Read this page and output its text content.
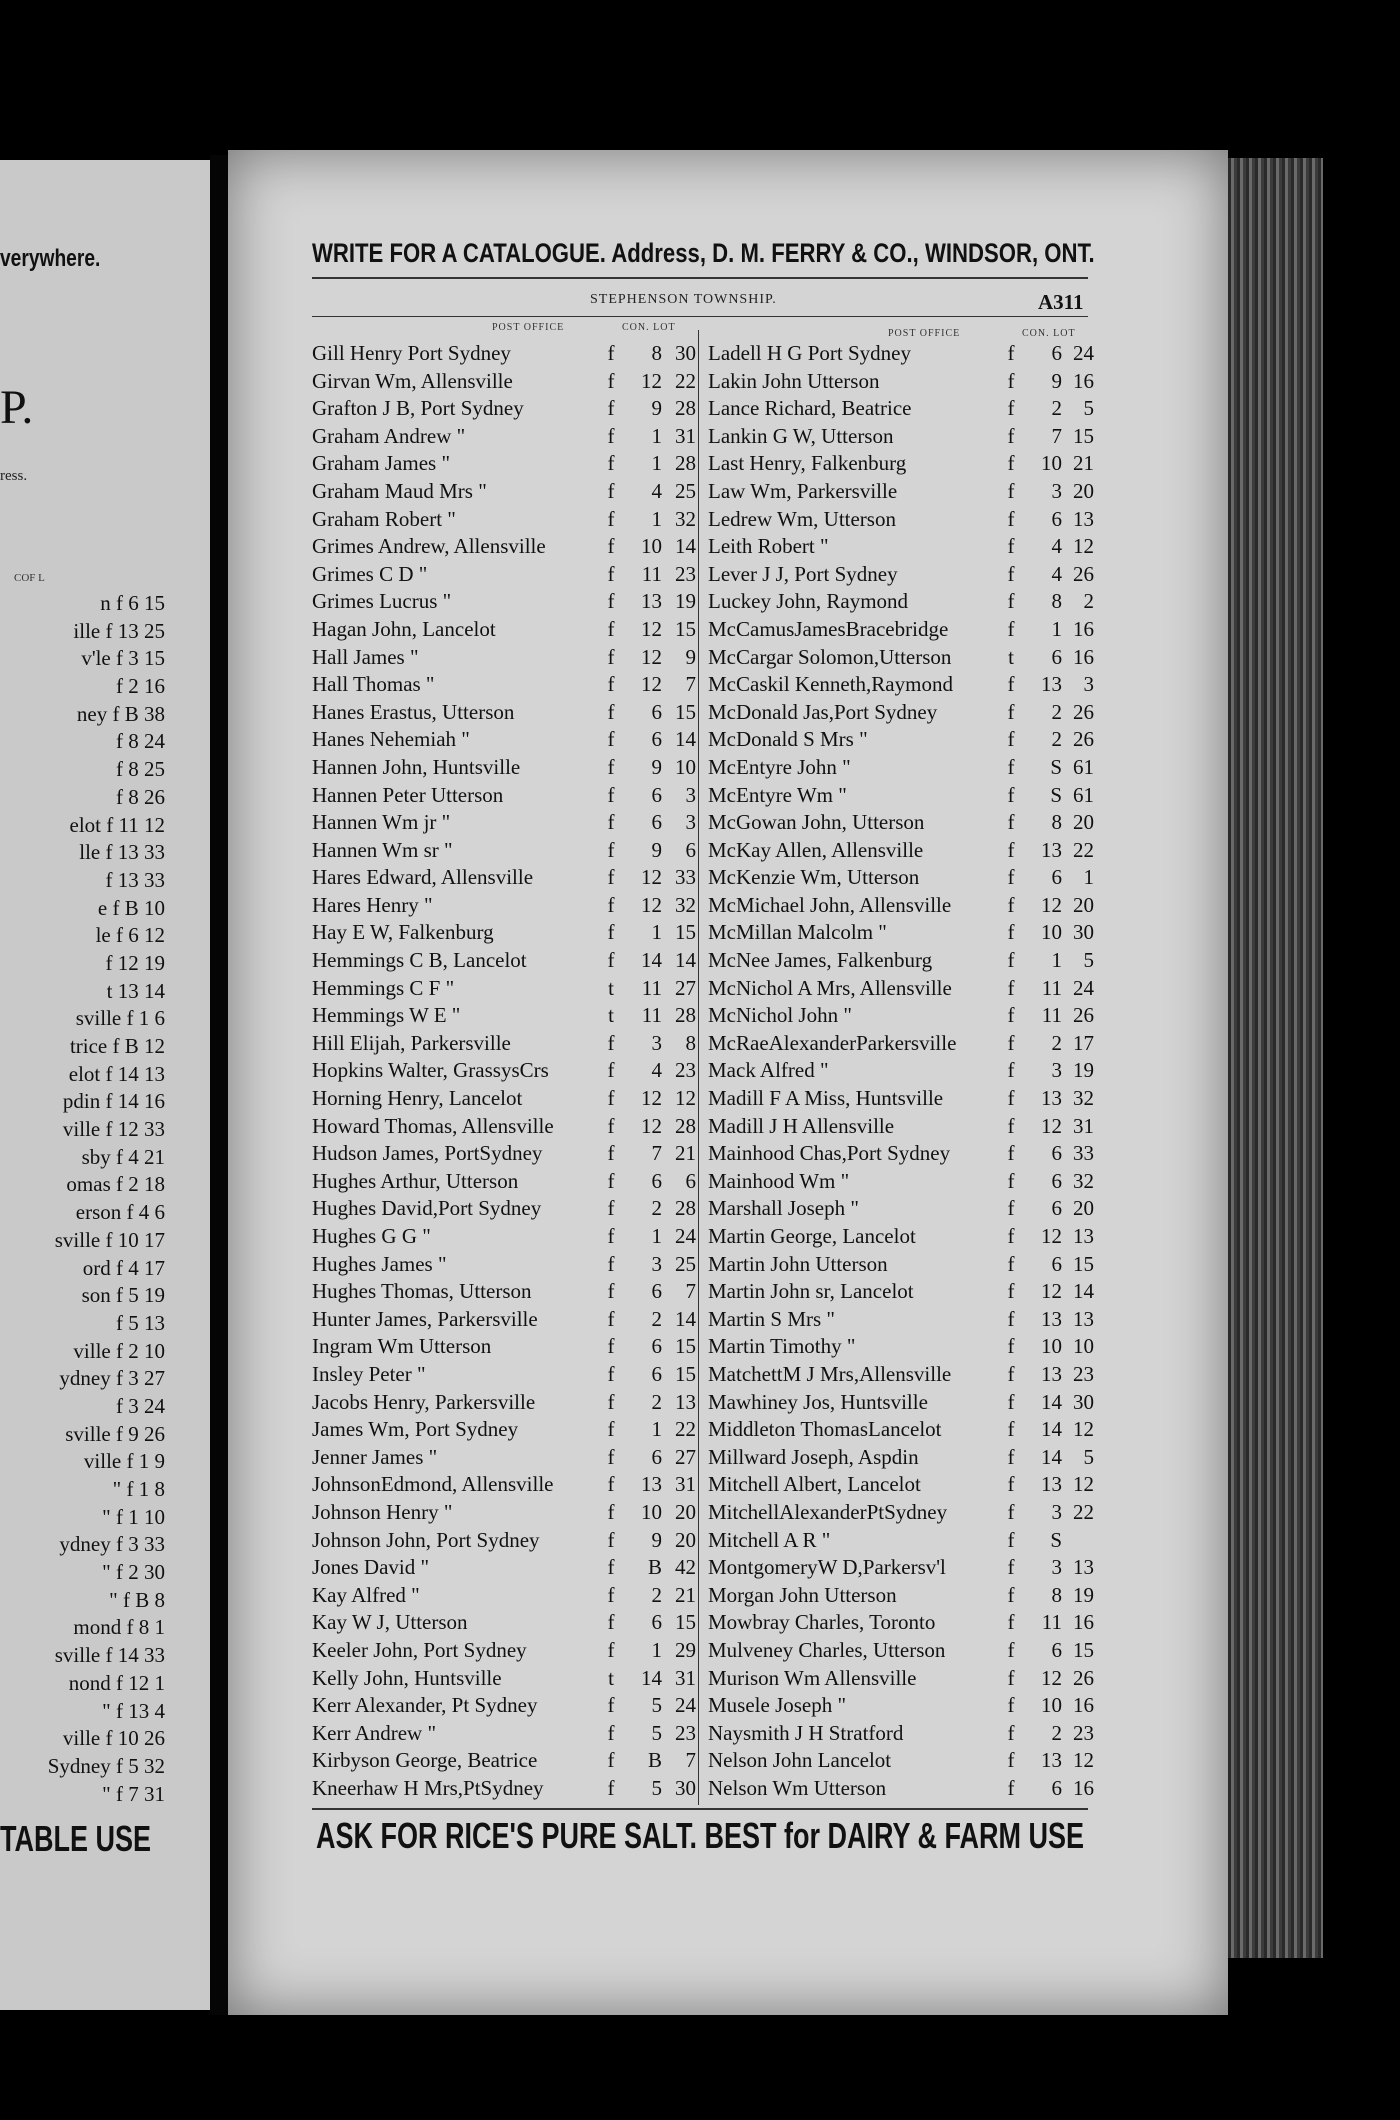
verywhere.
P.
ress.
COF L
n f 6 15
ille f 13 25
v'le f 3 15
f 2 16
ney f B 38
f 8 24
f 8 25
f 8 26
elot f 11 12
lle f 13 33
f 13 33
e f B 10
le f 6 12
f 12 19
t 13 14
sville f 1 6
trice f B 12
elot f 14 13
pdin f 14 16
ville f 12 33
sby f 4 21
omas f 2 18
erson f 4 6
sville f 10 17
ord f 4 17
son f 5 19
f 5 13
ville f 2 10
ydney f 3 27
f 3 24
sville f 9 26
ville f 1 9
" f 1 8
" f 1 10
ydney f 3 33
" f 2 30
" f B 8
mond f 8 1
sville f 14 33
nond f 12 1
" f 13 4
ville f 10 26
Sydney f 5 32
" f 7 31
TABLE USE
WRITE FOR A CATALOGUE. Address, D. M. FERRY & CO., WINDSOR, ONT.
STEPHENSON TOWNSHIP.	A311
POST OFFICE	CON. LOT
POST OFFICE	CON. LOT
Gill Henry Port Sydney	f	8 30
Girvan Wm, Allensville	f	12 22
Grafton J B, Port Sydney	f	9 28
Graham Andrew "	f	1 31
Graham James "	f	1 28
Graham Maud Mrs "	f	4 25
Graham Robert "	f	1 32
Grimes Andrew, Allensville	f	10 14
Grimes C D "	f	11 23
Grimes Lucrus "	f	13 19
Hagan John, Lancelot	f	12 15
Hall James "	f	12	9
Hall Thomas "	f	12	7
Hanes Erastus, Utterson	f	6 15
Hanes Nehemiah "	f	6 14
Hannen John, Huntsville	f	9 10
Hannen Peter Utterson	f	6	3
Hannen Wm jr "	f	6	3
Hannen Wm sr "	f	9	6
Hares Edward, Allensville	f	12 33
Hares Henry "	f	12 32
Hay E W, Falkenburg	f	1 15
Hemmings C B, Lancelot	f	14 14
Hemmings C F "	t	11 27
Hemmings W E "	t	11 28
Hill Elijah, Parkersville	f	3	8
Hopkins Walter, GrassysCrs	f	4 23
Horning Henry, Lancelot	f	12 12
Howard Thomas, Allensville	f	12 28
Hudson James, PortSydney	f	7 21
Hughes Arthur, Utterson	f	6	6
Hughes David,Port Sydney	f	2 28
Hughes G G "	f	1 24
Hughes James "	f	3 25
Hughes Thomas, Utterson	f	6	7
Hunter James, Parkersville	f	2 14
Ingram Wm Utterson	f	6 15
Insley Peter "	f	6 15
Jacobs Henry, Parkersville	f	2 13
James Wm, Port Sydney	f	1 22
Jenner James "	f	6 27
JohnsonEdmond, Allensville	f	13 31
Johnson Henry "	f	10 20
Johnson John, Port Sydney	f	9 20
Jones David "	f	B 42
Kay Alfred "	f	2 21
Kay W J, Utterson	f	6 15
Keeler John, Port Sydney	f	1 29
Kelly John, Huntsville	t	14 31
Kerr Alexander, Pt Sydney	f	5 24
Kerr Andrew "	f	5 23
Kirbyson George, Beatrice	f	B	7
Kneerhaw H Mrs,PtSydney	f	5 30
Ladell H G Port Sydney	f	6 24
Lakin John Utterson	f	9 16
Lance Richard, Beatrice	f	2	5
Lankin G W, Utterson	f	7 15
Last Henry, Falkenburg	f	10 21
Law Wm, Parkersville	f	3 20
Ledrew Wm, Utterson	f	6 13
Leith Robert "	f	4 12
Lever J J, Port Sydney	f	4 26
Luckey John, Raymond	f	8	2
McCamusJamesBracebridge	f	1 16
McCargar Solomon,Utterson	t	6 16
McCaskil Kenneth,Raymond	f	13	3
McDonald Jas,Port Sydney	f	2 26
McDonald S Mrs "	f	2 26
McEntyre John "	f	S 61
McEntyre Wm "	f	S 61
McGowan John, Utterson	f	8 20
McKay Allen, Allensville	f	13 22
McKenzie Wm, Utterson	f	6	1
McMichael John, Allensville	f	12 20
McMillan Malcolm "	f	10 30
McNee James, Falkenburg	f	1	5
McNichol A Mrs, Allensville	f	11 24
McNichol John "	f	11 26
McRaeAlexanderParkersville	f	2 17
Mack Alfred "	f	3 19
Madill F A Miss, Huntsville	f	13 32
Madill J H Allensville	f	12 31
Mainhood Chas,Port Sydney	f	6 33
Mainhood Wm "	f	6 32
Marshall Joseph "	f	6 20
Martin George, Lancelot	f	12 13
Martin John Utterson	f	6 15
Martin John sr, Lancelot	f	12 14
Martin S Mrs "	f	13 13
Martin Timothy "	f	10 10
MatchettM J Mrs,Allensville	f	13 23
Mawhiney Jos, Huntsville	f	14 30
Middleton ThomasLancelot	f	14 12
Millward Joseph, Aspdin	f	14	5
Mitchell Albert, Lancelot	f	13 12
MitchellAlexanderPtSydney	f	3 22
Mitchell A R "	f	S
MontgomeryW D,Parkersv'l	f	3 13
Morgan John Utterson	f	8 19
Mowbray Charles, Toronto	f	11 16
Mulveney Charles, Utterson	f	6 15
Murison Wm Allensville	f	12 26
Musele Joseph "	f	10 16
Naysmith J H Stratford	f	2 23
Nelson John Lancelot	f	13 12
Nelson Wm Utterson	f	6 16
ASK FOR RICE'S PURE SALT. BEST for DAIRY & FARM USE
